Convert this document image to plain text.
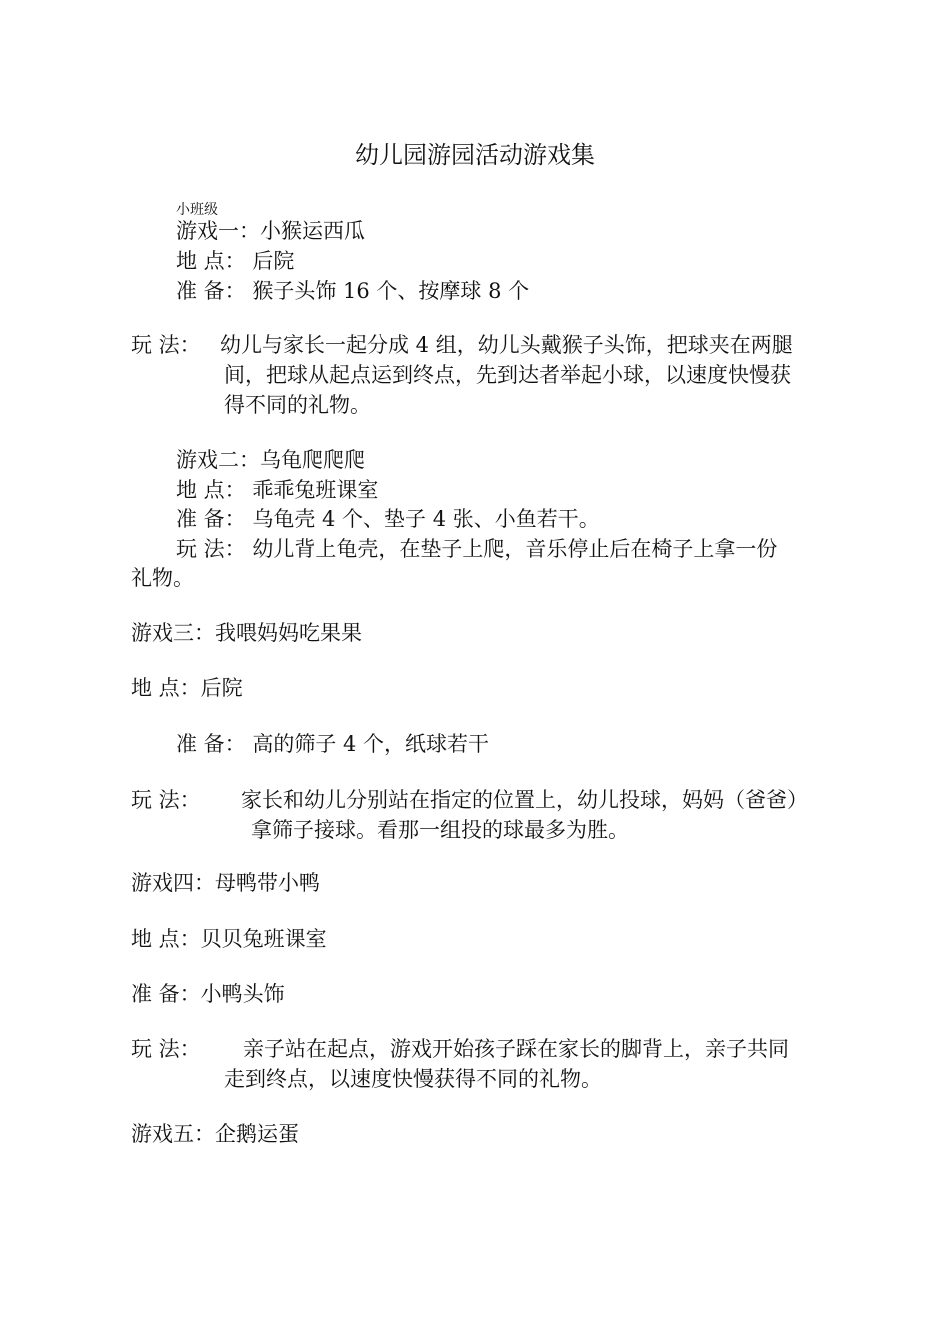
幼儿园游园活动游戏集
小班级
游戏一：小猴运西瓜
地 点： 后院
准 备： 猴子头饰 16 个、按摩球 8 个
玩 法： 幼儿与家长一起分成 4 组，幼儿头戴猴子头饰，把球夹在两腿
间，把球从起点运到终点，先到达者举起小球，以速度快慢获
得不同的礼物。
游戏二：乌龟爬爬爬
地 点： 乖乖兔班课室
准 备： 乌龟壳 4 个、垫子 4 张、小鱼若干。
玩 法： 幼儿背上龟壳，在垫子上爬，音乐停止后在椅子上拿一份
礼物。
游戏三：我喂妈妈吃果果
地 点：后院
准 备： 高的筛子 4 个，纸球若干
玩 法： 家长和幼儿分别站在指定的位置上，幼儿投球，妈妈（爸爸）
拿筛子接球。看那一组投的球最多为胜。
游戏四：母鸭带小鸭
地 点：贝贝兔班课室
准 备：小鸭头饰
玩 法： 亲子站在起点，游戏开始孩子踩在家长的脚背上，亲子共同
走到终点，以速度快慢获得不同的礼物。
游戏五：企鹅运蛋
